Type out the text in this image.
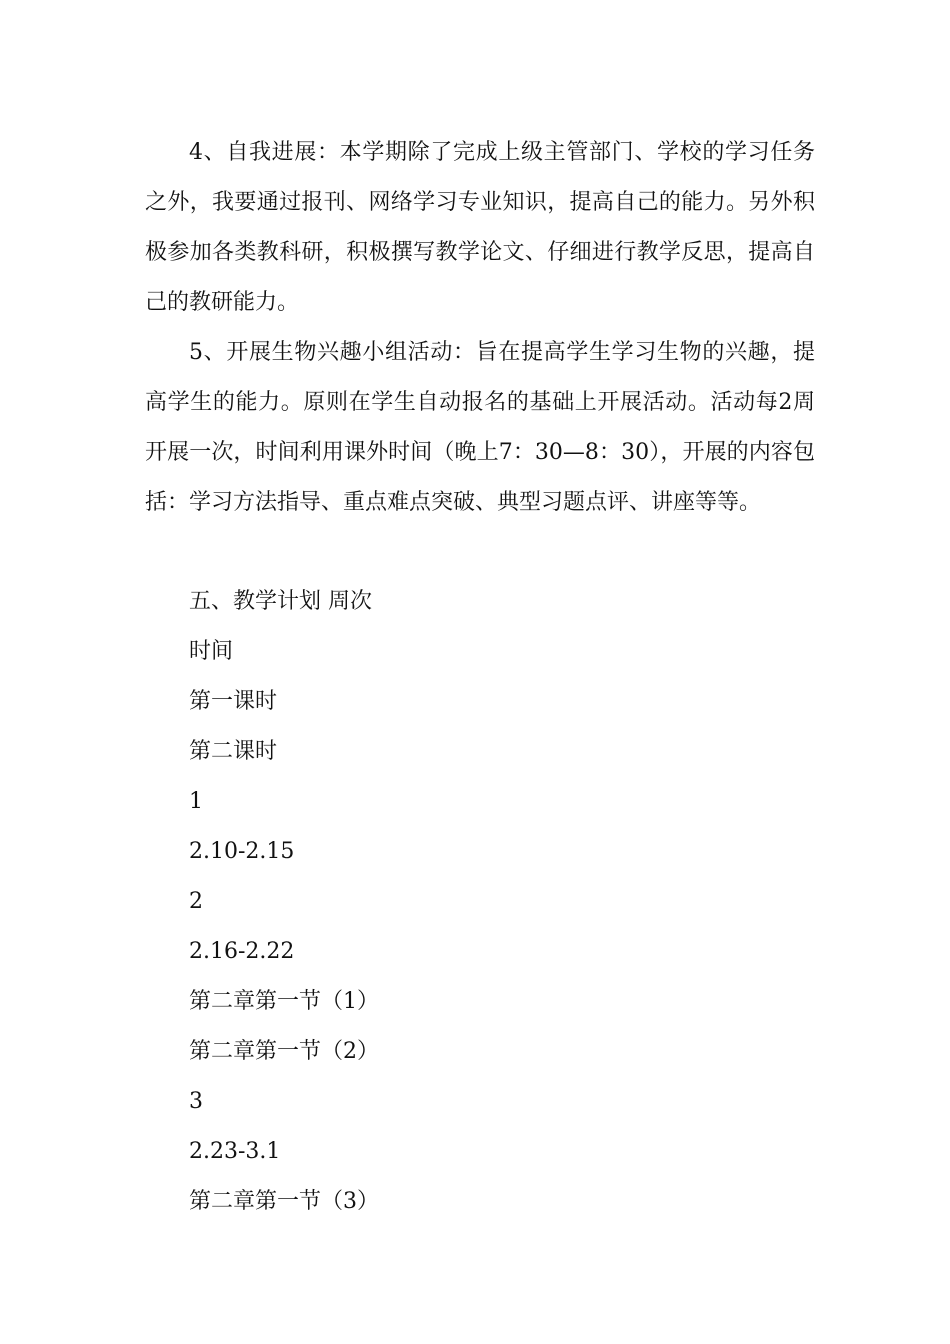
4、自我进展：本学期除了完成上级主管部门、学校的学习任务之外，我要通过报刊、网络学习专业知识，提高自己的能力。另外积极参加各类教科研，积极撰写教学论文、仔细进行教学反思，提高自己的教研能力。

5、开展生物兴趣小组活动：旨在提高学生学习生物的兴趣，提高学生的能力。原则在学生自动报名的基础上开展活动。活动每2周开展一次，时间利用课外时间（晚上7：30—8：30），开展的内容包括：学习方法指导、重点难点突破、典型习题点评、讲座等等。

五、教学计划 周次
时间
第一课时
第二课时
1
2.10-2.15
2
2.16-2.22
第二章第一节（1）
第二章第一节（2）
3
2.23-3.1
第二章第一节（3）
